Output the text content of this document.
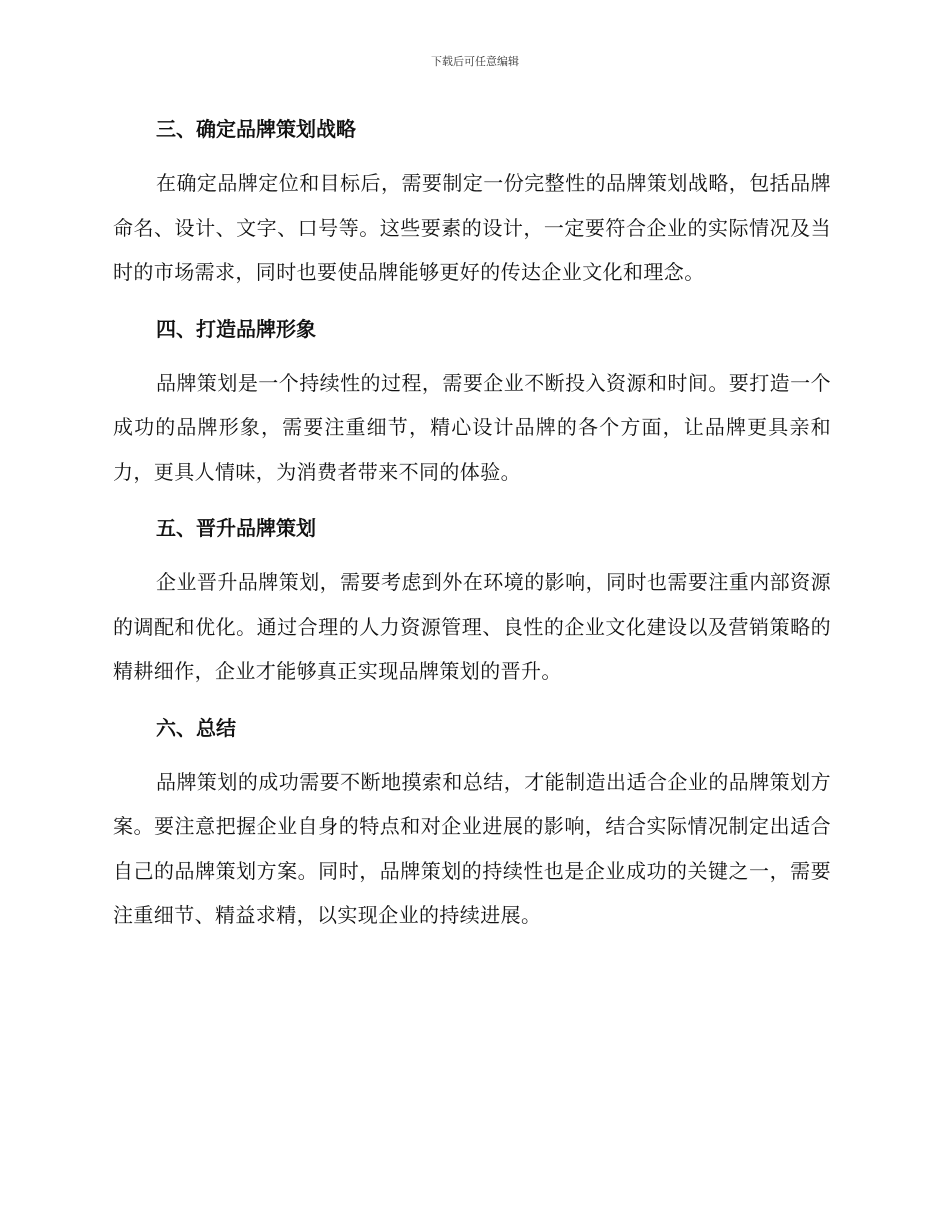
下载后可任意编辑
三、确定品牌策划战略

在确定品牌定位和目标后，需要制定一份完整性的品牌策划战略，包括品牌命名、设计、文字、口号等。这些要素的设计，一定要符合企业的实际情况及当时的市场需求，同时也要使品牌能够更好的传达企业文化和理念。

四、打造品牌形象

品牌策划是一个持续性的过程，需要企业不断投入资源和时间。要打造一个成功的品牌形象，需要注重细节，精心设计品牌的各个方面，让品牌更具亲和力，更具人情味，为消费者带来不同的体验。

五、晋升品牌策划

企业晋升品牌策划，需要考虑到外在环境的影响，同时也需要注重内部资源的调配和优化。通过合理的人力资源管理、良性的企业文化建设以及营销策略的精耕细作，企业才能够真正实现品牌策划的晋升。

六、总结

品牌策划的成功需要不断地摸索和总结，才能制造出适合企业的品牌策划方案。要注意把握企业自身的特点和对企业进展的影响，结合实际情况制定出适合自己的品牌策划方案。同时，品牌策划的持续性也是企业成功的关键之一，需要注重细节、精益求精，以实现企业的持续进展。
